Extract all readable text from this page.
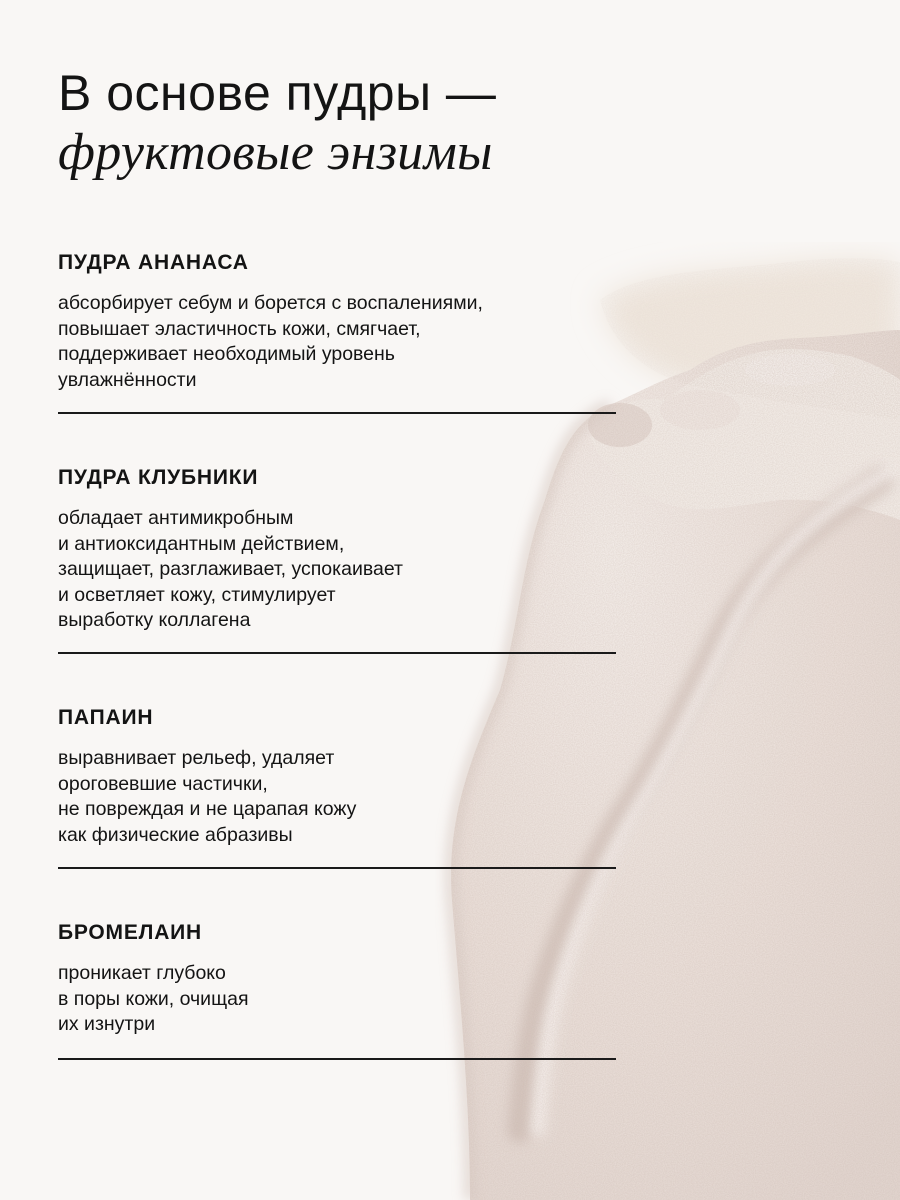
В основе пудры —
фруктовые энзимы
ПУДРА АНАНАСА

абсорбирует себум и борется с воспалениями,
повышает эластичность кожи, смягчает,
поддерживает необходимый уровень
увлажнённости

ПУДРА КЛУБНИКИ

обладает антимикробным
и антиоксидантным действием,
защищает, разглаживает, успокаивает
и осветляет кожу, стимулирует
выработку коллагена

ПАПАИН

выравнивает рельеф, удаляет
ороговевшие частички,
не повреждая и не царапая кожу
как физические абразивы

БРОМЕЛАИН

проникает глубоко
в поры кожи, очищая
их изнутри
